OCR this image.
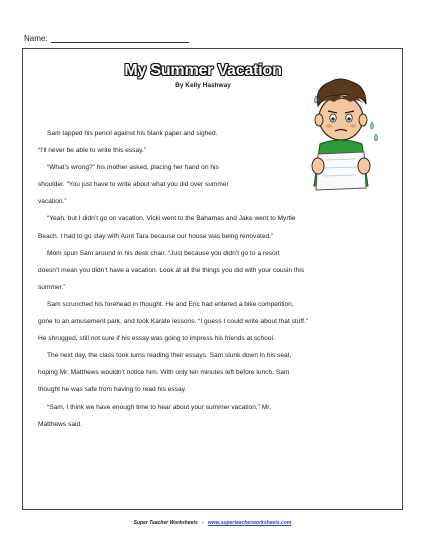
Name:
My Summer Vacation
By Kelly Hashway

Sam tapped his pencil against his blank paper and sighed.

“I’ll never be able to write this essay.”

“What’s wrong?” his mother asked, placing her hand on his

shoulder. “You just have to write about what you did over summer

vacation.”

“Yeah, but I didn’t go on vacation. Vicki went to the Bahamas and Jake went to Myrtle

Beach. I had to go stay with Aunt Tara because our house was being renovated.”

Mom spun Sam around in his desk chair. “Just because you didn’t go to a resort

doesn’t mean you didn’t have a vacation. Look at all the things you did with your cousin this

summer.”

Sam scrunched his forehead in thought. He and Eric had entered a bike competition,

gone to an amusement park, and took Karate lessons. “I guess I could write about that stuff.”

He shrugged, still not sure if his essay was going to impress his friends at school.

The next day, the class took turns reading their essays. Sam slunk down in his seat,

hoping Mr. Matthews wouldn’t notice him. With only ten minutes left before lunch, Sam

thought he was safe from having to read his essay.

“Sam, I think we have enough time to hear about your summer vacation,” Mr.

Matthews said.

Super Teacher Worksheets - www.superteacherworksheets.com
